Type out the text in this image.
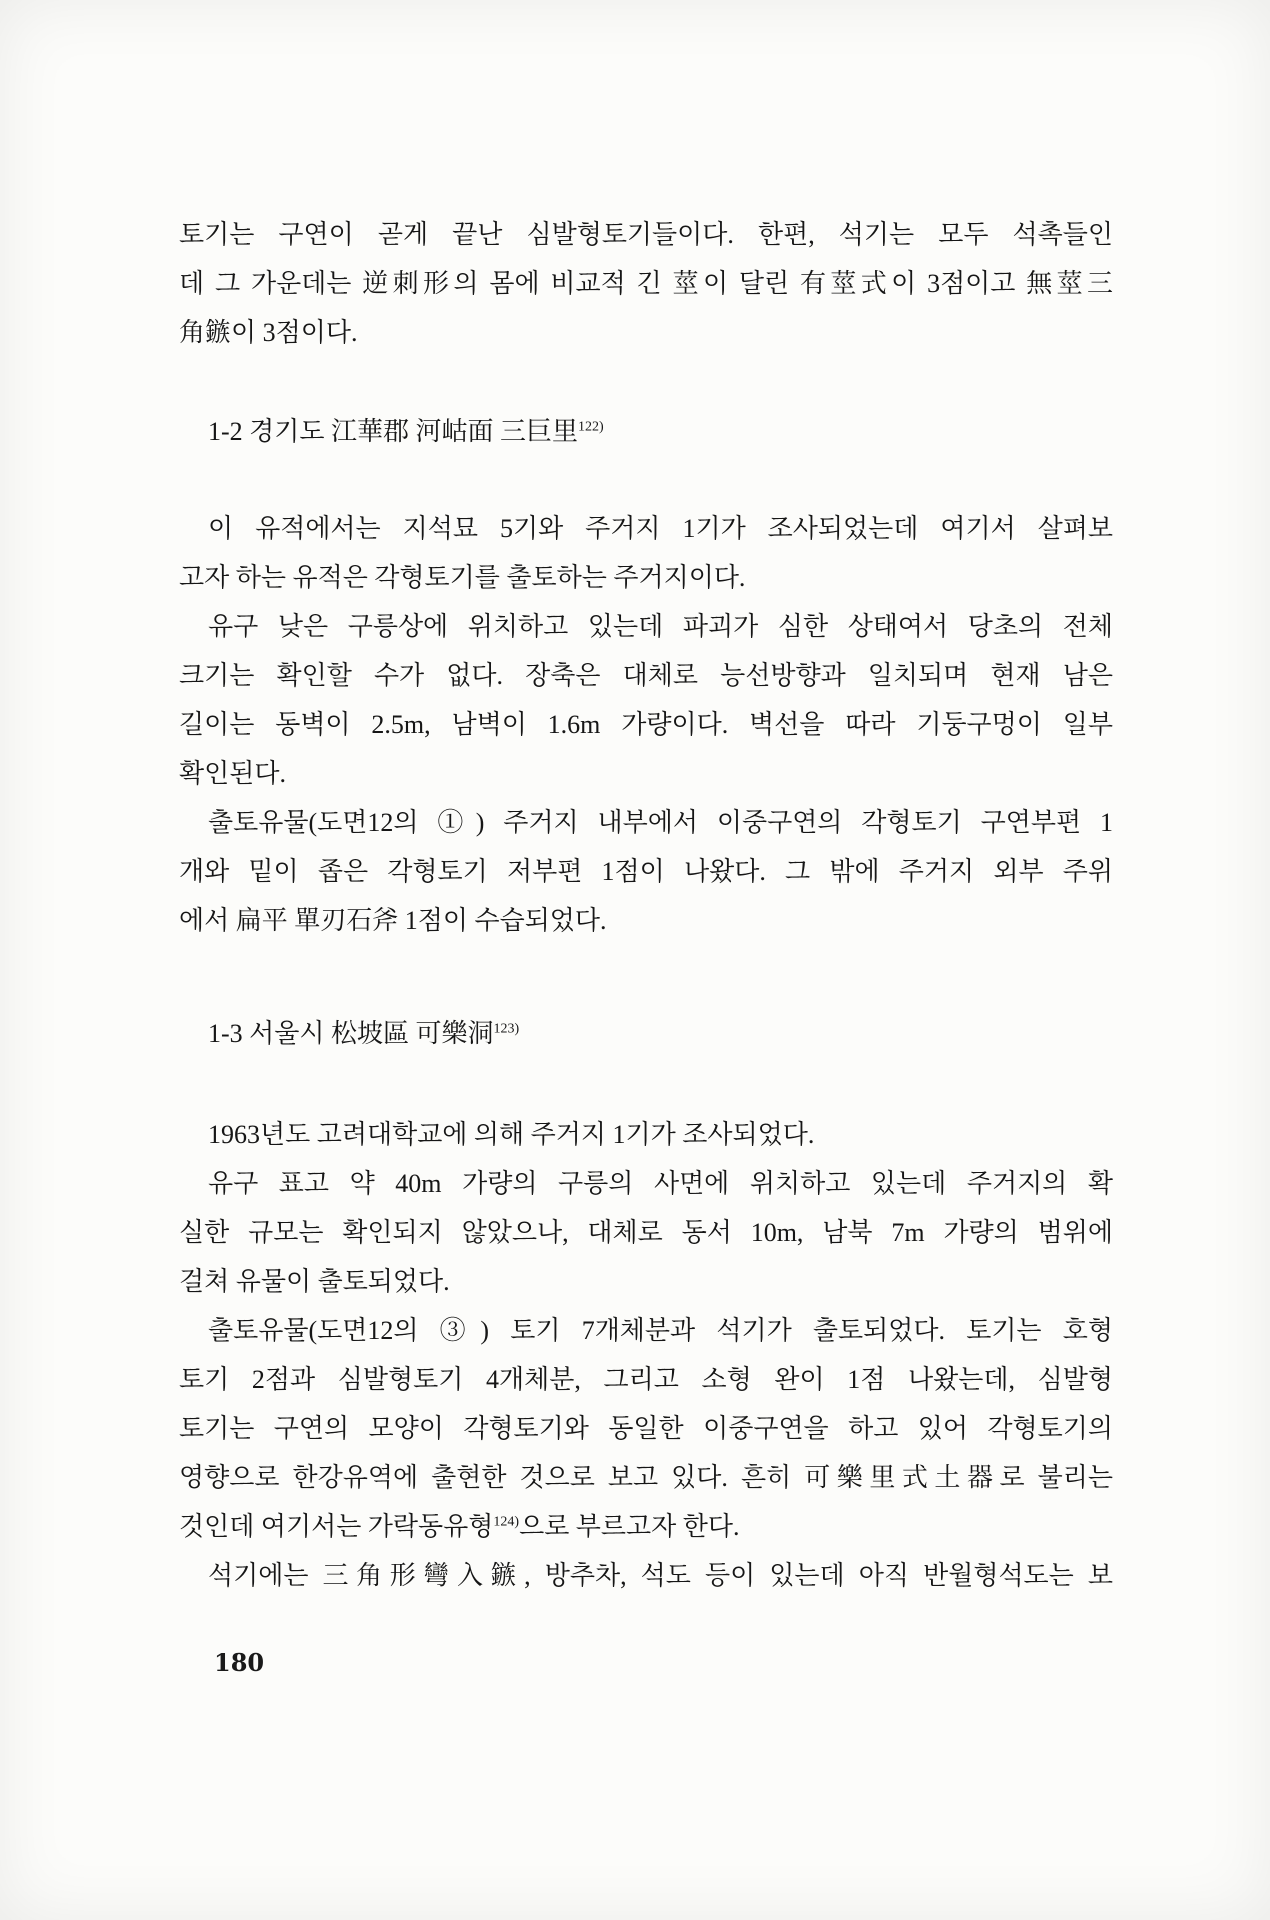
토기는 구연이 곧게 끝난 심발형토기들이다. 한편, 석기는 모두 석촉들인
데 그 가운데는 逆刺形의 몸에 비교적 긴 莖이 달린 有莖式이 3점이고 無莖三
角鏃이 3점이다.
1-2 경기도 江華郡 河岵面 三巨里$^{122)}$
이 유적에서는 지석묘 5기와 주거지 1기가 조사되었는데 여기서 살펴보
고자 하는 유적은 각형토기를 출토하는 주거지이다.
유구 낮은 구릉상에 위치하고 있는데 파괴가 심한 상태여서 당초의 전체
크기는 확인할 수가 없다. 장축은 대체로 능선방향과 일치되며 현재 남은
길이는 동벽이 2.5m, 남벽이 1.6m 가량이다. 벽선을 따라 기둥구멍이 일부
확인된다.
출토유물(도면12의 ①) 주거지 내부에서 이중구연의 각형토기 구연부편 1
개와 밑이 좁은 각형토기 저부편 1점이 나왔다. 그 밖에 주거지 외부 주위
에서 扁平 單刃石斧 1점이 수습되었다.
1-3 서울시 松坡區 可樂洞$^{123)}$
1963년도 고려대학교에 의해 주거지 1기가 조사되었다.
유구 표고 약 40m 가량의 구릉의 사면에 위치하고 있는데 주거지의 확
실한 규모는 확인되지 않았으나, 대체로 동서 10m, 남북 7m 가량의 범위에
걸쳐 유물이 출토되었다.
출토유물(도면12의 ③) 토기 7개체분과 석기가 출토되었다. 토기는 호형
토기 2점과 심발형토기 4개체분, 그리고 소형 완이 1점 나왔는데, 심발형
토기는 구연의 모양이 각형토기와 동일한 이중구연을 하고 있어 각형토기의
영향으로 한강유역에 출현한 것으로 보고 있다. 흔히 可樂里式土器로 불리는
것인데 여기서는 가락동유형$^{124)}$으로 부르고자 한다.
석기에는 三角形彎入鏃, 방추차, 석도 등이 있는데 아직 반월형석도는 보
180
